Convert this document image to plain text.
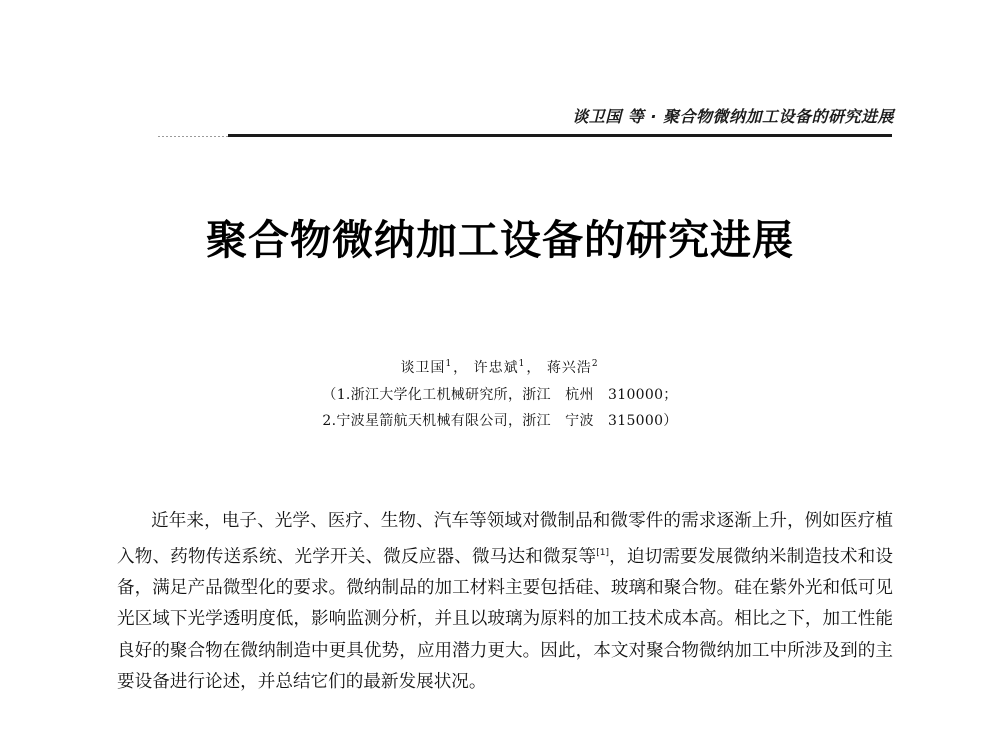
谈卫国 等 · 聚合物微纳加工设备的研究进展
聚合物微纳加工设备的研究进展
谈卫国$^1$， 许忠斌$^1$， 蒋兴浩$^2$
（1.浙江大学化工机械研究所，浙江　杭州　310000；
2.宁波星箭航天机械有限公司，浙江　宁波　315000）
近年来，电子、光学、医疗、生物、汽车等领域对微制品和微零件的需求逐渐上升，例如医疗植入物、药物传送系统、光学开关、微反应器、微马达和微泵等[1]，迫切需要发展微纳米制造技术和设备，满足产品微型化的要求。微纳制品的加工材料主要包括硅、玻璃和聚合物。硅在紫外光和低可见光区域下光学透明度低，影响监测分析，并且以玻璃为原料的加工技术成本高。相比之下，加工性能良好的聚合物在微纳制造中更具优势，应用潜力更大。因此，本文对聚合物微纳加工中所涉及到的主要设备进行论述，并总结它们的最新发展状况。
